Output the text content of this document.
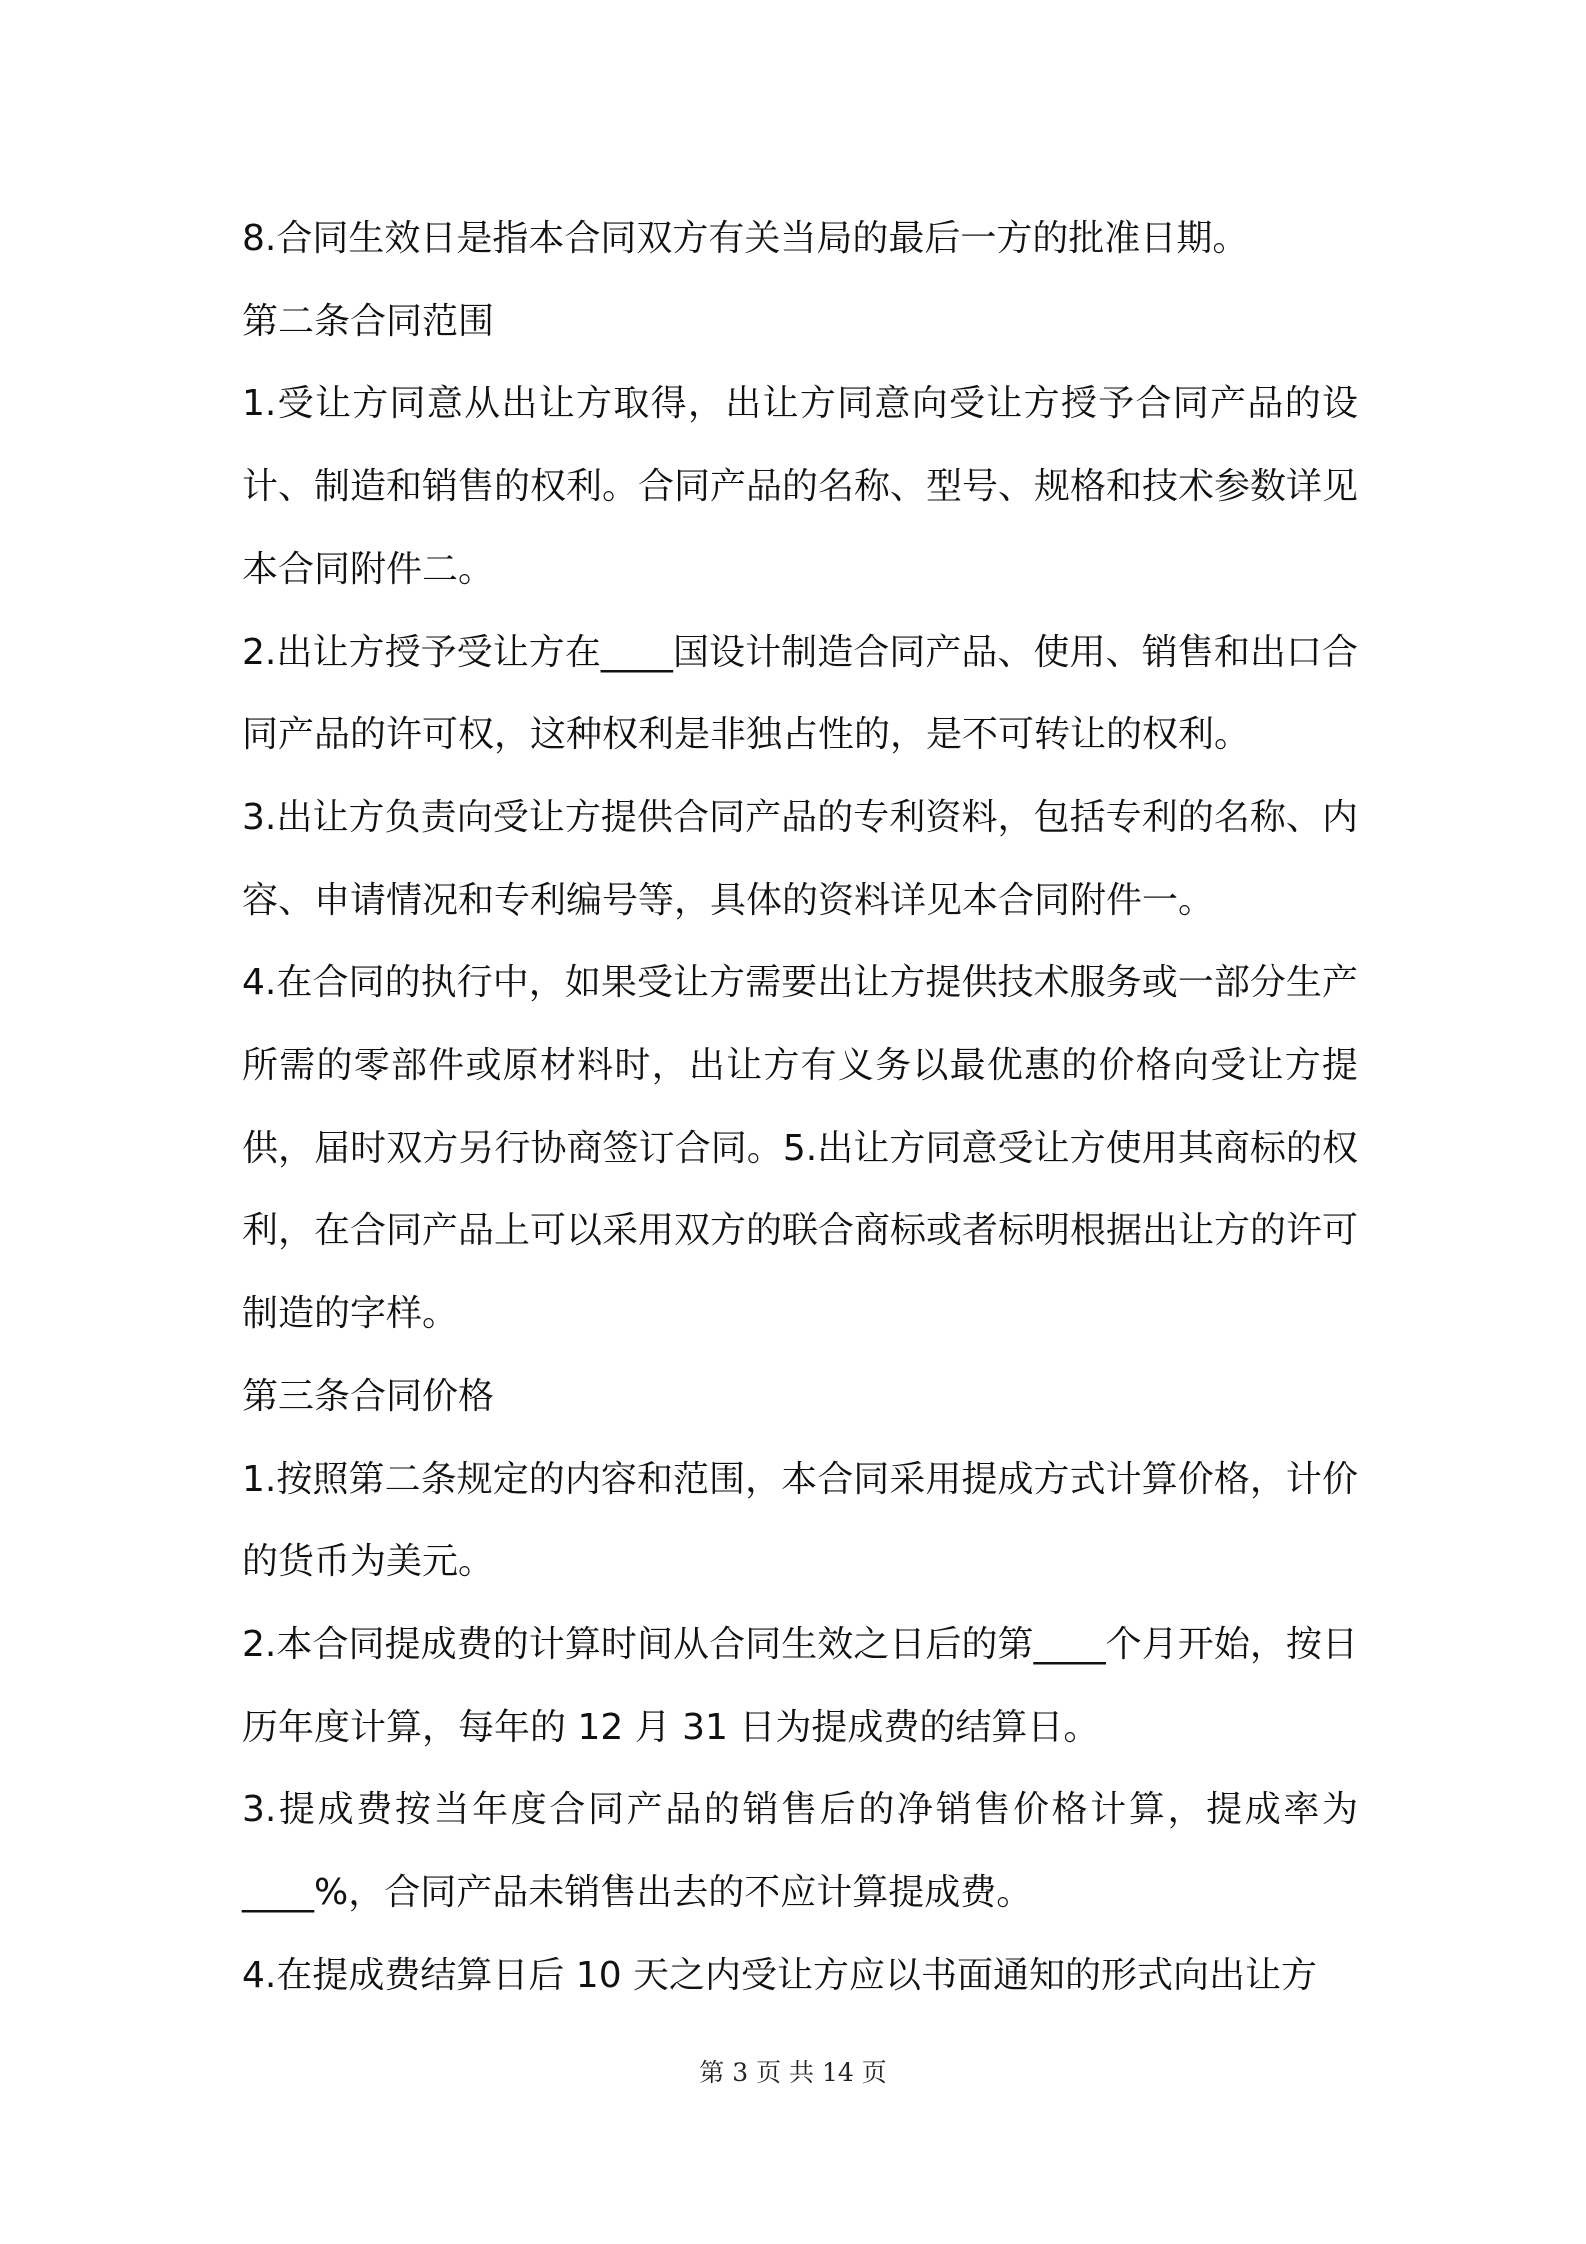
8.合同生效日是指本合同双方有关当局的最后一方的批准日期。

第二条合同范围

1.受让方同意从出让方取得，出让方同意向受让方授予合同产品的设计、制造和销售的权利。合同产品的名称、型号、规格和技术参数详见本合同附件二。

2.出让方授予受让方在____国设计制造合同产品、使用、销售和出口合同产品的许可权，这种权利是非独占性的，是不可转让的权利。

3.出让方负责向受让方提供合同产品的专利资料，包括专利的名称、内容、申请情况和专利编号等，具体的资料详见本合同附件一。

4.在合同的执行中，如果受让方需要出让方提供技术服务或一部分生产所需的零部件或原材料时，出让方有义务以最优惠的价格向受让方提供，届时双方另行协商签订合同。5.出让方同意受让方使用其商标的权利，在合同产品上可以采用双方的联合商标或者标明根据出让方的许可制造的字样。

第三条合同价格

1.按照第二条规定的内容和范围，本合同采用提成方式计算价格，计价的货币为美元。

2.本合同提成费的计算时间从合同生效之日后的第____个月开始，按日历年度计算，每年的 12 月 31 日为提成费的结算日。

3.提成费按当年度合同产品的销售后的净销售价格计算，提成率为____%，合同产品未销售出去的不应计算提成费。

4.在提成费结算日后 10 天之内受让方应以书面通知的形式向出让方

第 3 页 共 14 页
